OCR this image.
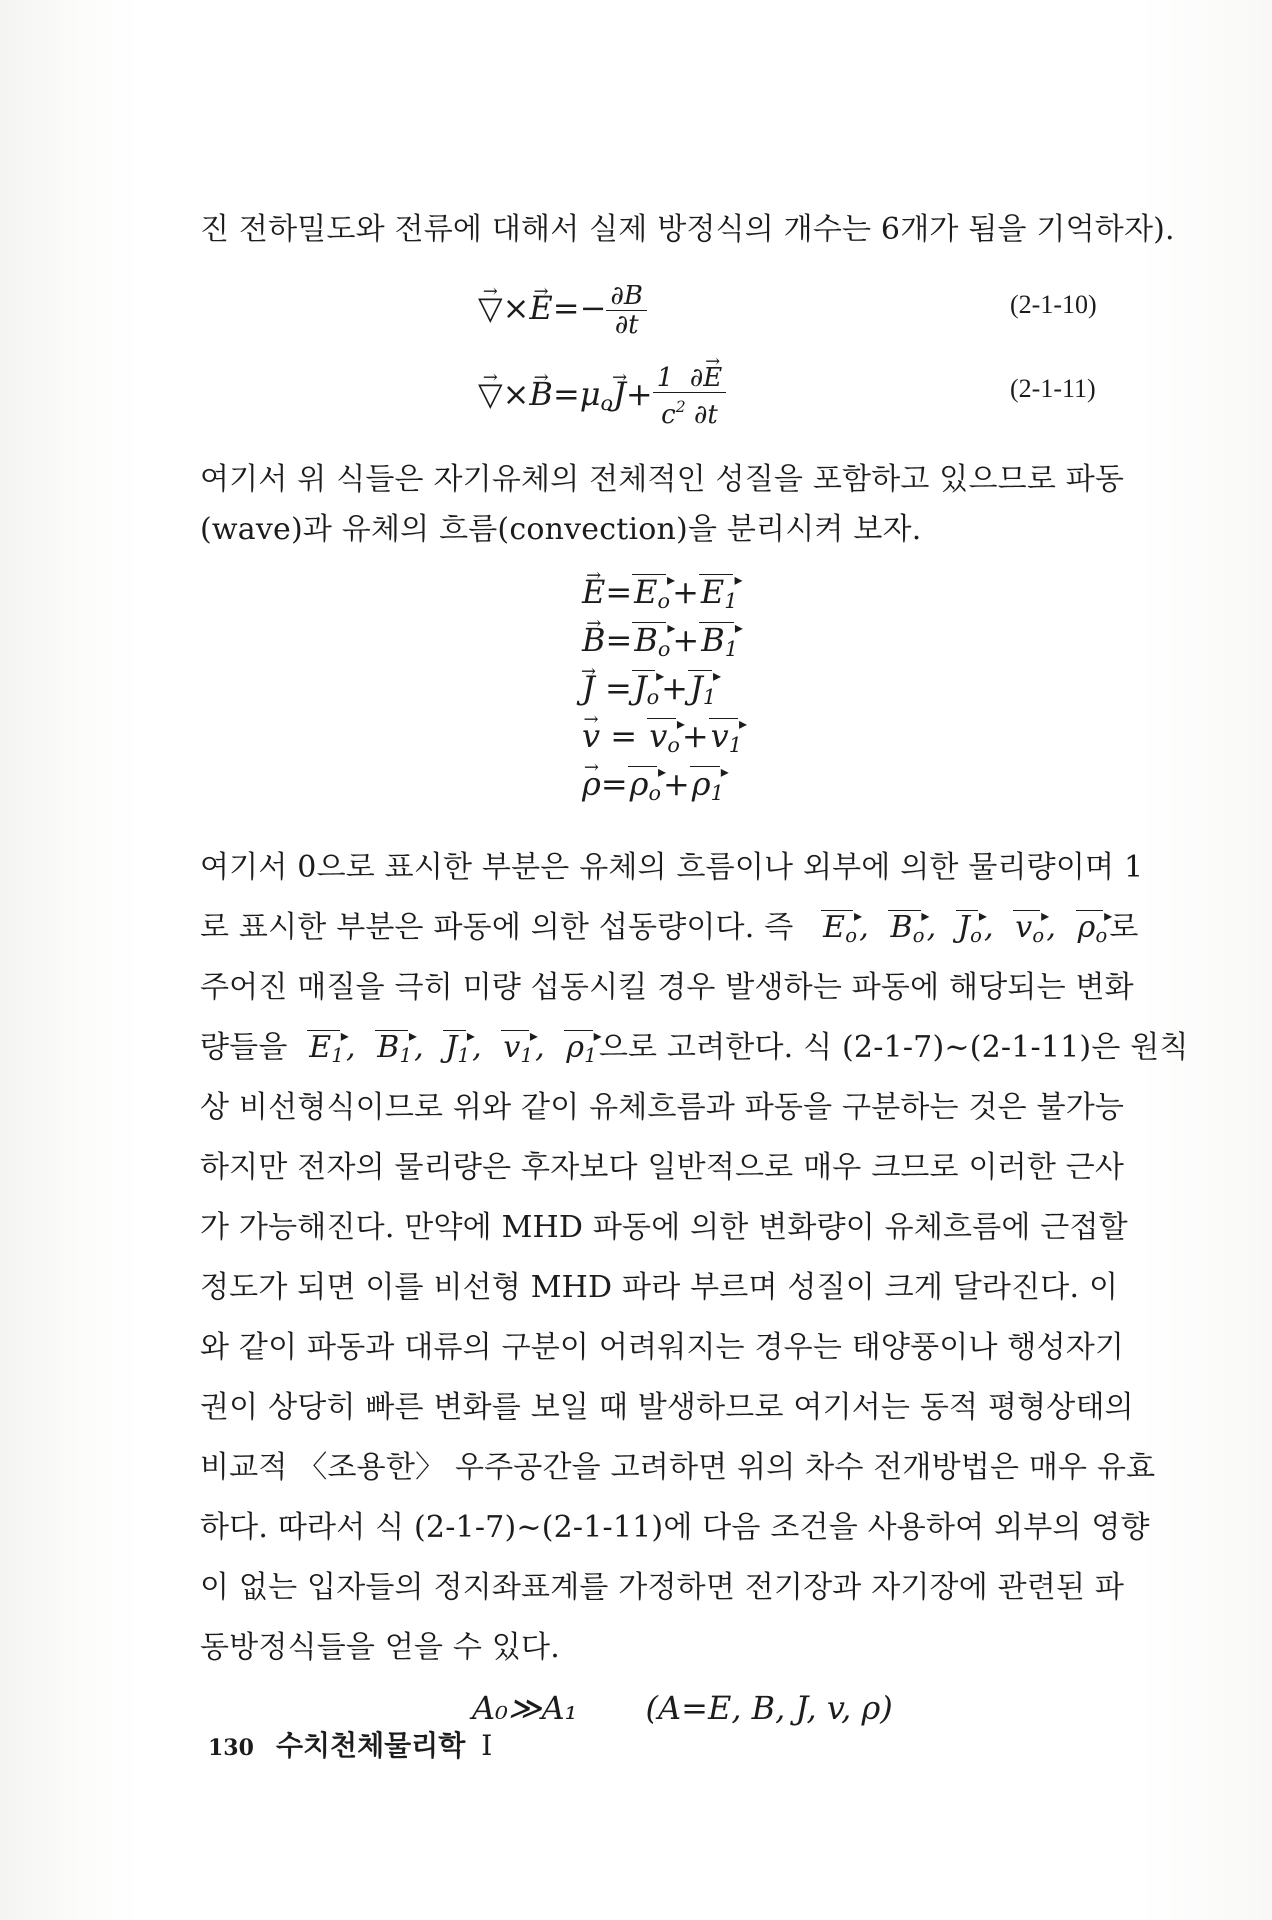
진 전하밀도와 전류에 대해서 실제 방정식의 개수는 6개가 됨을 기억하자).
→ ▽×→ $E=- \frac{\partial B}{\partial t}$	(2-1-10)
→ ▽×→ $B=\mu_o\to J+ \frac{1 \partial\to E}{c^2 \partial t}$	(2-1-11)
여기서 위 식들은 자기유체의 전체적인 성질을 포함하고 있으므로 파동
(wave)과 유체의 흐름(convection)을 분리시켜 보자.
→ $E=E_o$ $▸+E_1$ ▸
→ $B=B_o$ $▸+B_1$ ▸
→ $J =J_o$ $▸+J_1$ ▸
→ $v = v_o$ $▸+v_1$ ▸
→ $\rho=\rho_o$ $▸+\rho_1$ ▸
여기서 0으로 표시한 부분은 유체의 흐름이나 외부에 의한 물리량이며 1
로 표시한 부분은 파동에 의한 섭동량이다. 즉 $E_o$ ▸,  $B_o$ ▸,  $J_o$ ▸,  $v_o$ ▸,  $\rho_o$ ▸로
주어진 매질을 극히 미량 섭동시킬 경우 발생하는 파동에 해당되는 변화
량들을 $E_1$ ▸,  $B_1$ ▸,  $J_1$ ▸,  $v_1$ ▸,  $\rho_1$ ▸으로 고려한다. 식 (2-1-7)~(2-1-11)은 원칙
상 비선형식이므로 위와 같이 유체흐름과 파동을 구분하는 것은 불가능
하지만 전자의 물리량은 후자보다 일반적으로 매우 크므로 이러한 근사
가 가능해진다. 만약에 MHD 파동에 의한 변화량이 유체흐름에 근접할
정도가 되면 이를 비선형 MHD 파라 부르며 성질이 크게 달라진다. 이
와 같이 파동과 대류의 구분이 어려워지는 경우는 태양풍이나 행성자기
권이 상당히 빠른 변화를 보일 때 발생하므로 여기서는 동적 평형상태의
비교적 〈조용한〉 우주공간을 고려하면 위의 차수 전개방법은 매우 유효
하다. 따라서 식 (2-1-7)~(2-1-11)에 다음 조건을 사용하여 외부의 영향
이 없는 입자들의 정지좌표계를 가정하면 전기장과 자기장에 관련된 파
동방정식들을 얻을 수 있다.
A₀≫A₁ (A=E, B, J, v, ρ)
130 수치천체물리학 I
